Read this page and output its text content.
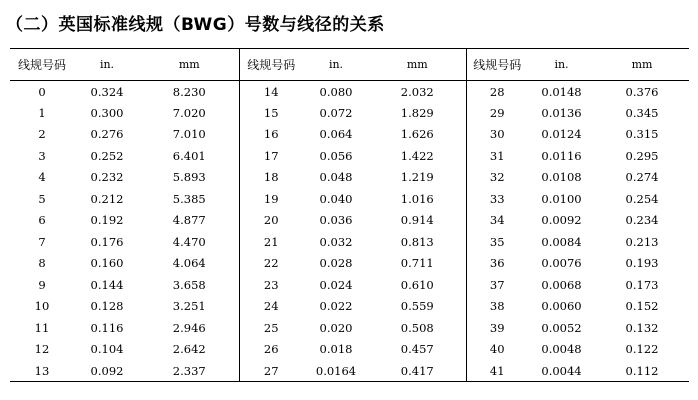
（二）英国标准线规（BWG）号数与线径的关系
线规号码	in.	mm	线规号码	in.	mm	线规号码	in.	mm
0	0.324	8.230	14	0.080	2.032	28	0.0148	0.376
1	0.300	7.020	15	0.072	1.829	29	0.0136	0.345
2	0.276	7.010	16	0.064	1.626	30	0.0124	0.315
3	0.252	6.401	17	0.056	1.422	31	0.0116	0.295
4	0.232	5.893	18	0.048	1.219	32	0.0108	0.274
5	0.212	5.385	19	0.040	1.016	33	0.0100	0.254
6	0.192	4.877	20	0.036	0.914	34	0.0092	0.234
7	0.176	4.470	21	0.032	0.813	35	0.0084	0.213
8	0.160	4.064	22	0.028	0.711	36	0.0076	0.193
9	0.144	3.658	23	0.024	0.610	37	0.0068	0.173
10	0.128	3.251	24	0.022	0.559	38	0.0060	0.152
11	0.116	2.946	25	0.020	0.508	39	0.0052	0.132
12	0.104	2.642	26	0.018	0.457	40	0.0048	0.122
13	0.092	2.337	27	0.0164	0.417	41	0.0044	0.112
